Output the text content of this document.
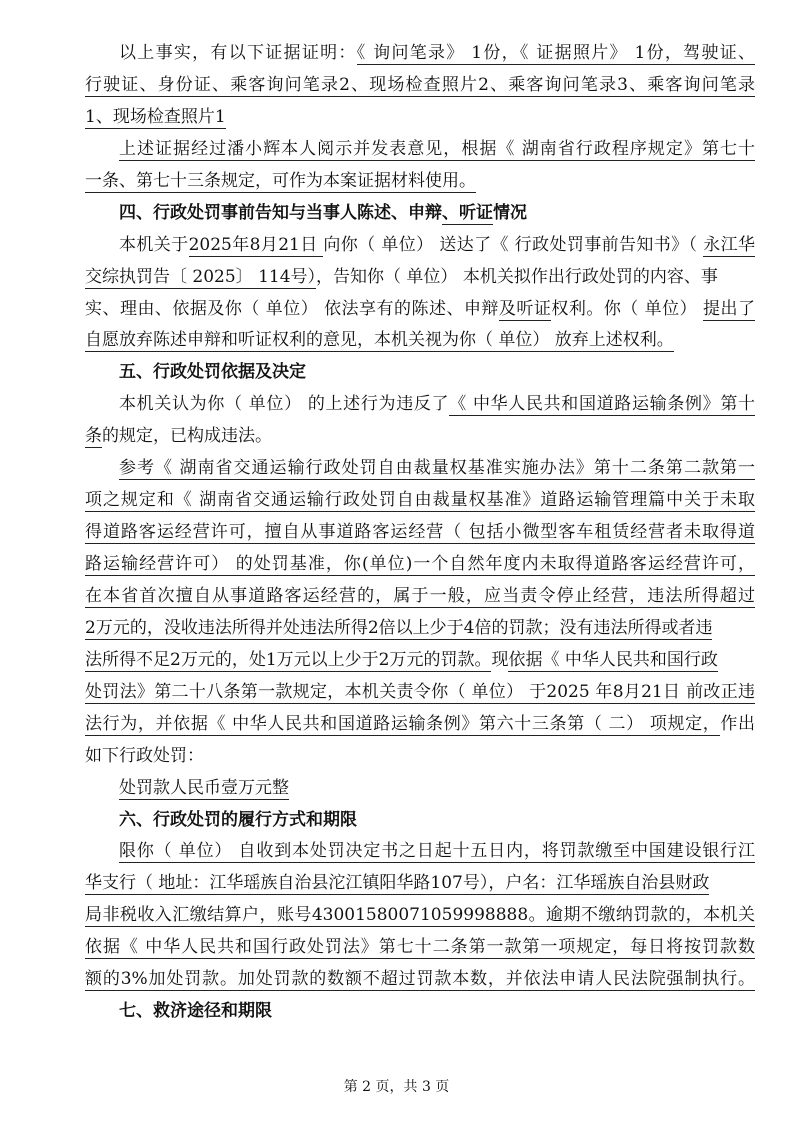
以上事实，有以下证据证明：《 询问笔录》 1份，《 证据照片》 1份，驾驶证、
行驶证、身份证、乘客询问笔录2、现场检查照片2、乘客询问笔录3、乘客询问笔录
1、现场检查照片1
上述证据经过潘小辉本人阅示并发表意见，根据《 湖南省行政程序规定》第七十
一条、第七十三条规定，可作为本案证据材料使用。
四、行政处罚事前告知与当事人陈述、申辩、听证情况
本机关于2025年8月21日 向你（ 单位） 送达了《 行政处罚事前告知书》（ 永江华
交综执罚告〔 2025〕 114号），告知你（ 单位） 本机关拟作出行政处罚的内容、事
实、理由、依据及你（ 单位） 依法享有的陈述、申辩及听证权利。你（ 单位） 提出了
自愿放弃陈述申辩和听证权利的意见，本机关视为你（ 单位） 放弃上述权利。
五、行政处罚依据及决定
本机关认为你（ 单位） 的上述行为违反了《 中华人民共和国道路运输条例》第十
条的规定，已构成违法。
参考《 湖南省交通运输行政处罚自由裁量权基准实施办法》第十二条第二款第一
项之规定和《 湖南省交通运输行政处罚自由裁量权基准》道路运输管理篇中关于未取
得道路客运经营许可，擅自从事道路客运经营（ 包括小微型客车租赁经营者未取得道
路运输经营许可） 的处罚基准，你(单位)一个自然年度内未取得道路客运经营许可，
在本省首次擅自从事道路客运经营的，属于一般，应当责令停止经营，违法所得超过
2万元的，没收违法所得并处违法所得2倍以上少于4倍的罚款；没有违法所得或者违
法所得不足2万元的，处1万元以上少于2万元的罚款。现依据《 中华人民共和国行政
处罚法》第二十八条第一款规定，本机关责令你（ 单位） 于2025 年8月21日 前改正违
法行为，并依据《 中华人民共和国道路运输条例》第六十三条第（ 二） 项规定，作出
如下行政处罚：
处罚款人民币壹万元整
六、行政处罚的履行方式和期限
限你（ 单位） 自收到本处罚决定书之日起十五日内，将罚款缴至中国建设银行江
华支行（ 地址：江华瑶族自治县沱江镇阳华路107号），户名：江华瑶族自治县财政
局非税收入汇缴结算户，账号43001580071059998888。逾期不缴纳罚款的，本机关
依据《 中华人民共和国行政处罚法》第七十二条第一款第一项规定，每日将按罚款数
额的3%加处罚款。加处罚款的数额不超过罚款本数，并依法申请人民法院强制执行。
七、救济途径和期限
第 2 页，共 3 页
